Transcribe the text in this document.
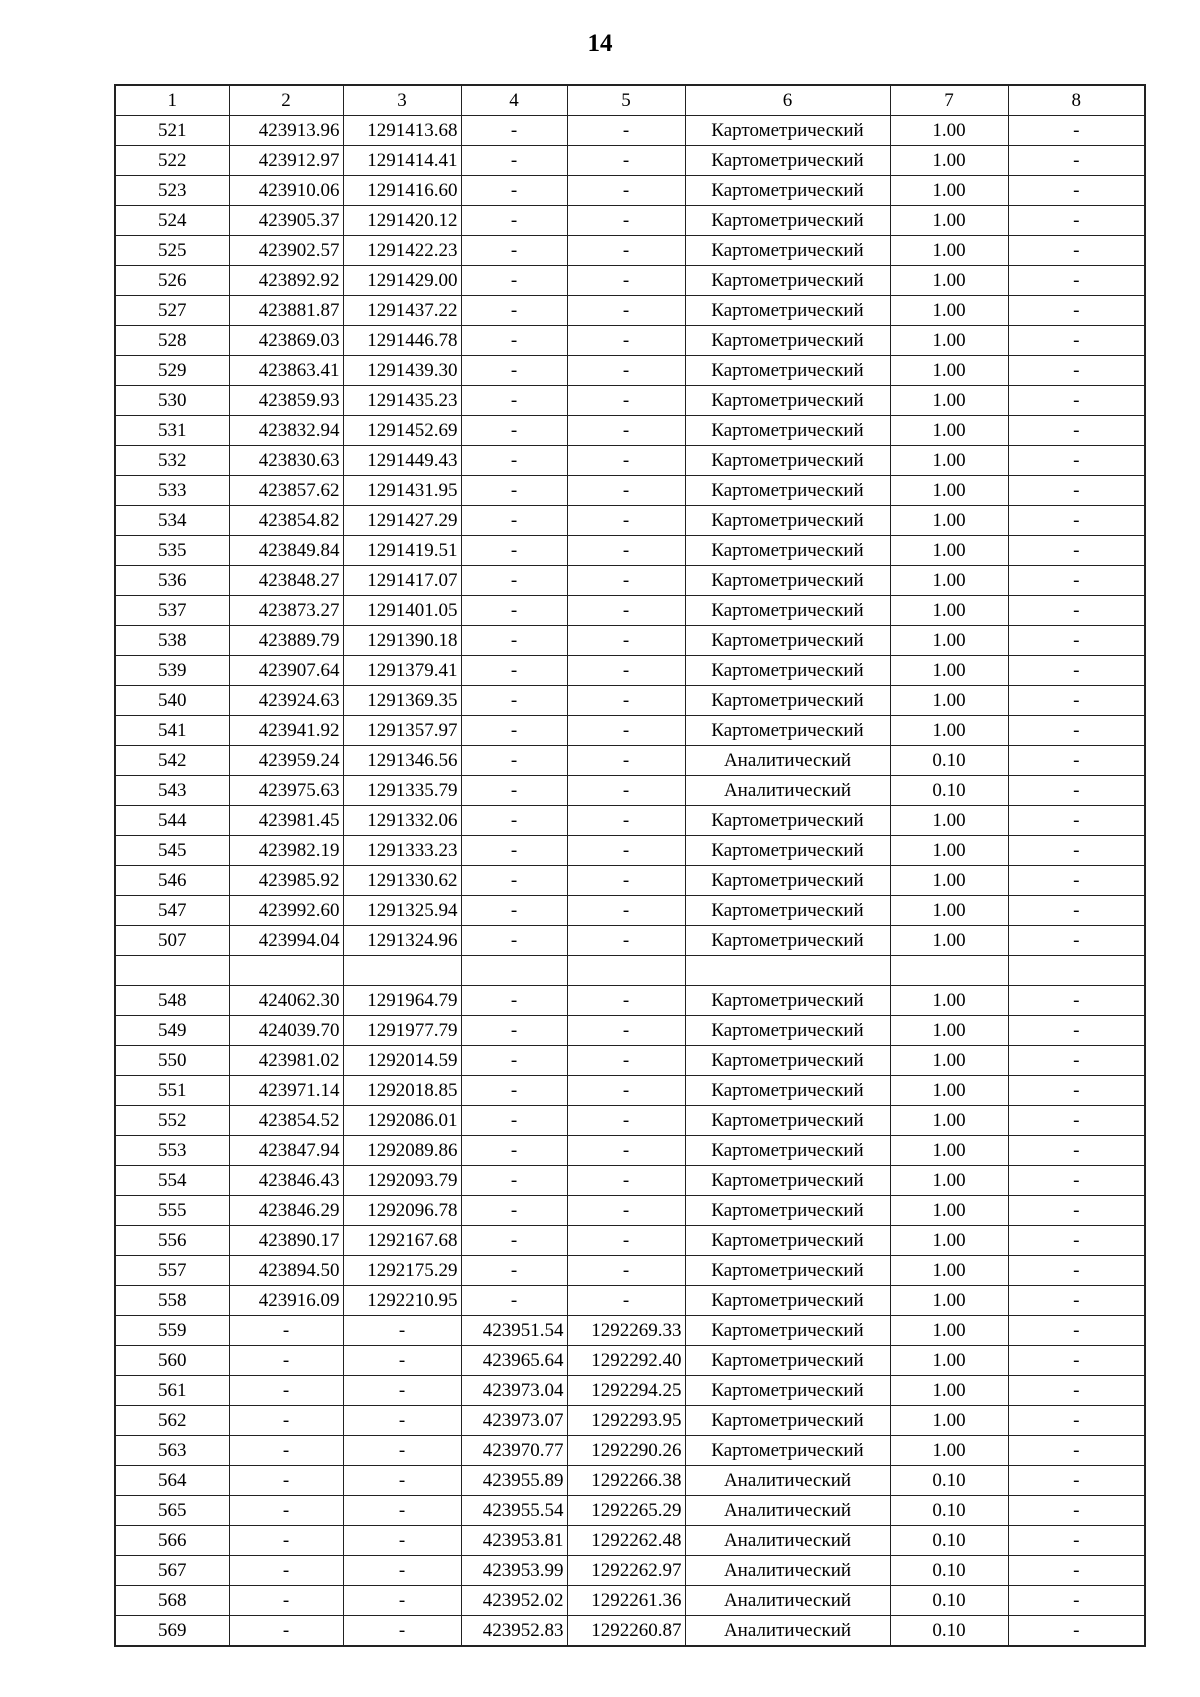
14
1	2	3	4	5	6	7	8
521	423913.96	1291413.68	-	-	Картометрический	1.00	-
522	423912.97	1291414.41	-	-	Картометрический	1.00	-
523	423910.06	1291416.60	-	-	Картометрический	1.00	-
524	423905.37	1291420.12	-	-	Картометрический	1.00	-
525	423902.57	1291422.23	-	-	Картометрический	1.00	-
526	423892.92	1291429.00	-	-	Картометрический	1.00	-
527	423881.87	1291437.22	-	-	Картометрический	1.00	-
528	423869.03	1291446.78	-	-	Картометрический	1.00	-
529	423863.41	1291439.30	-	-	Картометрический	1.00	-
530	423859.93	1291435.23	-	-	Картометрический	1.00	-
531	423832.94	1291452.69	-	-	Картометрический	1.00	-
532	423830.63	1291449.43	-	-	Картометрический	1.00	-
533	423857.62	1291431.95	-	-	Картометрический	1.00	-
534	423854.82	1291427.29	-	-	Картометрический	1.00	-
535	423849.84	1291419.51	-	-	Картометрический	1.00	-
536	423848.27	1291417.07	-	-	Картометрический	1.00	-
537	423873.27	1291401.05	-	-	Картометрический	1.00	-
538	423889.79	1291390.18	-	-	Картометрический	1.00	-
539	423907.64	1291379.41	-	-	Картометрический	1.00	-
540	423924.63	1291369.35	-	-	Картометрический	1.00	-
541	423941.92	1291357.97	-	-	Картометрический	1.00	-
542	423959.24	1291346.56	-	-	Аналитический	0.10	-
543	423975.63	1291335.79	-	-	Аналитический	0.10	-
544	423981.45	1291332.06	-	-	Картометрический	1.00	-
545	423982.19	1291333.23	-	-	Картометрический	1.00	-
546	423985.92	1291330.62	-	-	Картометрический	1.00	-
547	423992.60	1291325.94	-	-	Картометрический	1.00	-
507	423994.04	1291324.96	-	-	Картометрический	1.00	-

548	424062.30	1291964.79	-	-	Картометрический	1.00	-
549	424039.70	1291977.79	-	-	Картометрический	1.00	-
550	423981.02	1292014.59	-	-	Картометрический	1.00	-
551	423971.14	1292018.85	-	-	Картометрический	1.00	-
552	423854.52	1292086.01	-	-	Картометрический	1.00	-
553	423847.94	1292089.86	-	-	Картометрический	1.00	-
554	423846.43	1292093.79	-	-	Картометрический	1.00	-
555	423846.29	1292096.78	-	-	Картометрический	1.00	-
556	423890.17	1292167.68	-	-	Картометрический	1.00	-
557	423894.50	1292175.29	-	-	Картометрический	1.00	-
558	423916.09	1292210.95	-	-	Картометрический	1.00	-
559	-	-	423951.54	1292269.33	Картометрический	1.00	-
560	-	-	423965.64	1292292.40	Картометрический	1.00	-
561	-	-	423973.04	1292294.25	Картометрический	1.00	-
562	-	-	423973.07	1292293.95	Картометрический	1.00	-
563	-	-	423970.77	1292290.26	Картометрический	1.00	-
564	-	-	423955.89	1292266.38	Аналитический	0.10	-
565	-	-	423955.54	1292265.29	Аналитический	0.10	-
566	-	-	423953.81	1292262.48	Аналитический	0.10	-
567	-	-	423953.99	1292262.97	Аналитический	0.10	-
568	-	-	423952.02	1292261.36	Аналитический	0.10	-
569	-	-	423952.83	1292260.87	Аналитический	0.10	-
